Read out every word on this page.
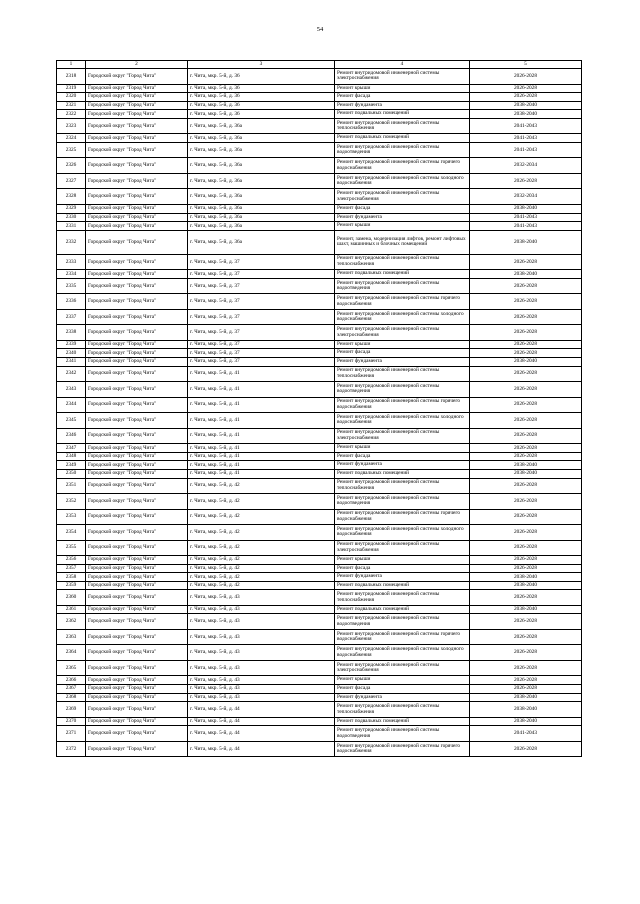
54
1	2	3	4	5
2318	Городской округ "Город Чита"	г. Чита, мкр. 5-й, д. 36	Ремонт внутридомовой инженерной системы электроснабжения	2026-2028
2319	Городской округ "Город Чита"	г. Чита, мкр. 5-й, д. 36	Ремонт крыши	2026-2028
2320	Городской округ "Город Чита"	г. Чита, мкр. 5-й, д. 36	Ремонт фасада	2026-2028
2321	Городской округ "Город Чита"	г. Чита, мкр. 5-й, д. 36	Ремонт фундамента	2038-2040
2322	Городской округ "Город Чита"	г. Чита, мкр. 5-й, д. 36	Ремонт подвальных помещений	2038-2040
2323	Городской округ "Город Чита"	г. Чита, мкр. 5-й, д. 36а	Ремонт внутридомовой инженерной системы теплоснабжения	2041-2043
2324	Городской округ "Город Чита"	г. Чита, мкр. 5-й, д. 36а	Ремонт подвальных помещений	2041-2043
2325	Городской округ "Город Чита"	г. Чита, мкр. 5-й, д. 36а	Ремонт внутридомовой инженерной системы водоотведения	2041-2043
2326	Городской округ "Город Чита"	г. Чита, мкр. 5-й, д. 36а	Ремонт внутридомовой инженерной системы горячего водоснабжения	2032-2034
2327	Городской округ "Город Чита"	г. Чита, мкр. 5-й, д. 36а	Ремонт внутридомовой инженерной системы холодного водоснабжения	2026-2028
2328	Городской округ "Город Чита"	г. Чита, мкр. 5-й, д. 36а	Ремонт внутридомовой инженерной системы электроснабжения	2032-2034
2329	Городской округ "Город Чита"	г. Чита, мкр. 5-й, д. 36а	Ремонт фасада	2038-2040
2330	Городской округ "Город Чита"	г. Чита, мкр. 5-й, д. 36а	Ремонт фундамента	2041-2043
2331	Городской округ "Город Чита"	г. Чита, мкр. 5-й, д. 36а	Ремонт крыши	2041-2043
2332	Городской округ "Город Чита"	г. Чита, мкр. 5-й, д. 36а	Ремонт, замена, модернизация лифтов, ремонт лифтовых шахт, машинных и блочных помещений	2038-2040
2333	Городской округ "Город Чита"	г. Чита, мкр. 5-й, д. 37	Ремонт внутридомовой инженерной системы теплоснабжения	2026-2028
2334	Городской округ "Город Чита"	г. Чита, мкр. 5-й, д. 37	Ремонт подвальных помещений	2038-2040
2335	Городской округ "Город Чита"	г. Чита, мкр. 5-й, д. 37	Ремонт внутридомовой инженерной системы водоотведения	2026-2028
2336	Городской округ "Город Чита"	г. Чита, мкр. 5-й, д. 37	Ремонт внутридомовой инженерной системы горячего водоснабжения	2026-2028
2337	Городской округ "Город Чита"	г. Чита, мкр. 5-й, д. 37	Ремонт внутридомовой инженерной системы холодного водоснабжения	2026-2028
2338	Городской округ "Город Чита"	г. Чита, мкр. 5-й, д. 37	Ремонт внутридомовой инженерной системы электроснабжения	2026-2028
2339	Городской округ "Город Чита"	г. Чита, мкр. 5-й, д. 37	Ремонт крыши	2026-2028
2340	Городской округ "Город Чита"	г. Чита, мкр. 5-й, д. 37	Ремонт фасада	2026-2028
2341	Городской округ "Город Чита"	г. Чита, мкр. 5-й, д. 37	Ремонт фундамента	2038-2040
2342	Городской округ "Город Чита"	г. Чита, мкр. 5-й, д. 41	Ремонт внутридомовой инженерной системы теплоснабжения	2026-2028
2343	Городской округ "Город Чита"	г. Чита, мкр. 5-й, д. 41	Ремонт внутридомовой инженерной системы водоотведения	2026-2028
2344	Городской округ "Город Чита"	г. Чита, мкр. 5-й, д. 41	Ремонт внутридомовой инженерной системы горячего водоснабжения	2026-2028
2345	Городской округ "Город Чита"	г. Чита, мкр. 5-й, д. 41	Ремонт внутридомовой инженерной системы холодного водоснабжения	2026-2028
2346	Городской округ "Город Чита"	г. Чита, мкр. 5-й, д. 41	Ремонт внутридомовой инженерной системы электроснабжения	2026-2028
2347	Городской округ "Город Чита"	г. Чита, мкр. 5-й, д. 41	Ремонт крыши	2026-2028
2348	Городской округ "Город Чита"	г. Чита, мкр. 5-й, д. 41	Ремонт фасада	2026-2028
2349	Городской округ "Город Чита"	г. Чита, мкр. 5-й, д. 41	Ремонт фундамента	2038-2040
2350	Городской округ "Город Чита"	г. Чита, мкр. 5-й, д. 41	Ремонт подвальных помещений	2038-2040
2351	Городской округ "Город Чита"	г. Чита, мкр. 5-й, д. 42	Ремонт внутридомовой инженерной системы теплоснабжения	2026-2028
2352	Городской округ "Город Чита"	г. Чита, мкр. 5-й, д. 42	Ремонт внутридомовой инженерной системы водоотведения	2026-2028
2353	Городской округ "Город Чита"	г. Чита, мкр. 5-й, д. 42	Ремонт внутридомовой инженерной системы горячего водоснабжения	2026-2028
2354	Городской округ "Город Чита"	г. Чита, мкр. 5-й, д. 42	Ремонт внутридомовой инженерной системы холодного водоснабжения	2026-2028
2355	Городской округ "Город Чита"	г. Чита, мкр. 5-й, д. 42	Ремонт внутридомовой инженерной системы электроснабжения	2026-2028
2356	Городской округ "Город Чита"	г. Чита, мкр. 5-й, д. 42	Ремонт крыши	2026-2028
2357	Городской округ "Город Чита"	г. Чита, мкр. 5-й, д. 42	Ремонт фасада	2026-2028
2358	Городской округ "Город Чита"	г. Чита, мкр. 5-й, д. 42	Ремонт фундамента	2038-2040
2359	Городской округ "Город Чита"	г. Чита, мкр. 5-й, д. 42	Ремонт подвальных помещений	2038-2040
2360	Городской округ "Город Чита"	г. Чита, мкр. 5-й, д. 43	Ремонт внутридомовой инженерной системы теплоснабжения	2026-2028
2361	Городской округ "Город Чита"	г. Чита, мкр. 5-й, д. 43	Ремонт подвальных помещений	2038-2040
2362	Городской округ "Город Чита"	г. Чита, мкр. 5-й, д. 43	Ремонт внутридомовой инженерной системы водоотведения	2026-2028
2363	Городской округ "Город Чита"	г. Чита, мкр. 5-й, д. 43	Ремонт внутридомовой инженерной системы горячего водоснабжения	2026-2028
2364	Городской округ "Город Чита"	г. Чита, мкр. 5-й, д. 43	Ремонт внутридомовой инженерной системы холодного водоснабжения	2026-2028
2365	Городской округ "Город Чита"	г. Чита, мкр. 5-й, д. 43	Ремонт внутридомовой инженерной системы электроснабжения	2026-2028
2366	Городской округ "Город Чита"	г. Чита, мкр. 5-й, д. 43	Ремонт крыши	2026-2028
2367	Городской округ "Город Чита"	г. Чита, мкр. 5-й, д. 43	Ремонт фасада	2026-2028
2368	Городской округ "Город Чита"	г. Чита, мкр. 5-й, д. 43	Ремонт фундамента	2038-2040
2369	Городской округ "Город Чита"	г. Чита, мкр. 5-й, д. 44	Ремонт внутридомовой инженерной системы теплоснабжения	2038-2040
2370	Городской округ "Город Чита"	г. Чита, мкр. 5-й, д. 44	Ремонт подвальных помещений	2038-2040
2371	Городской округ "Город Чита"	г. Чита, мкр. 5-й, д. 44	Ремонт внутридомовой инженерной системы водоотведения	2041-2043
2372	Городской округ "Город Чита"	г. Чита, мкр. 5-й, д. 44	Ремонт внутридомовой инженерной системы горячего водоснабжения	2026-2028
